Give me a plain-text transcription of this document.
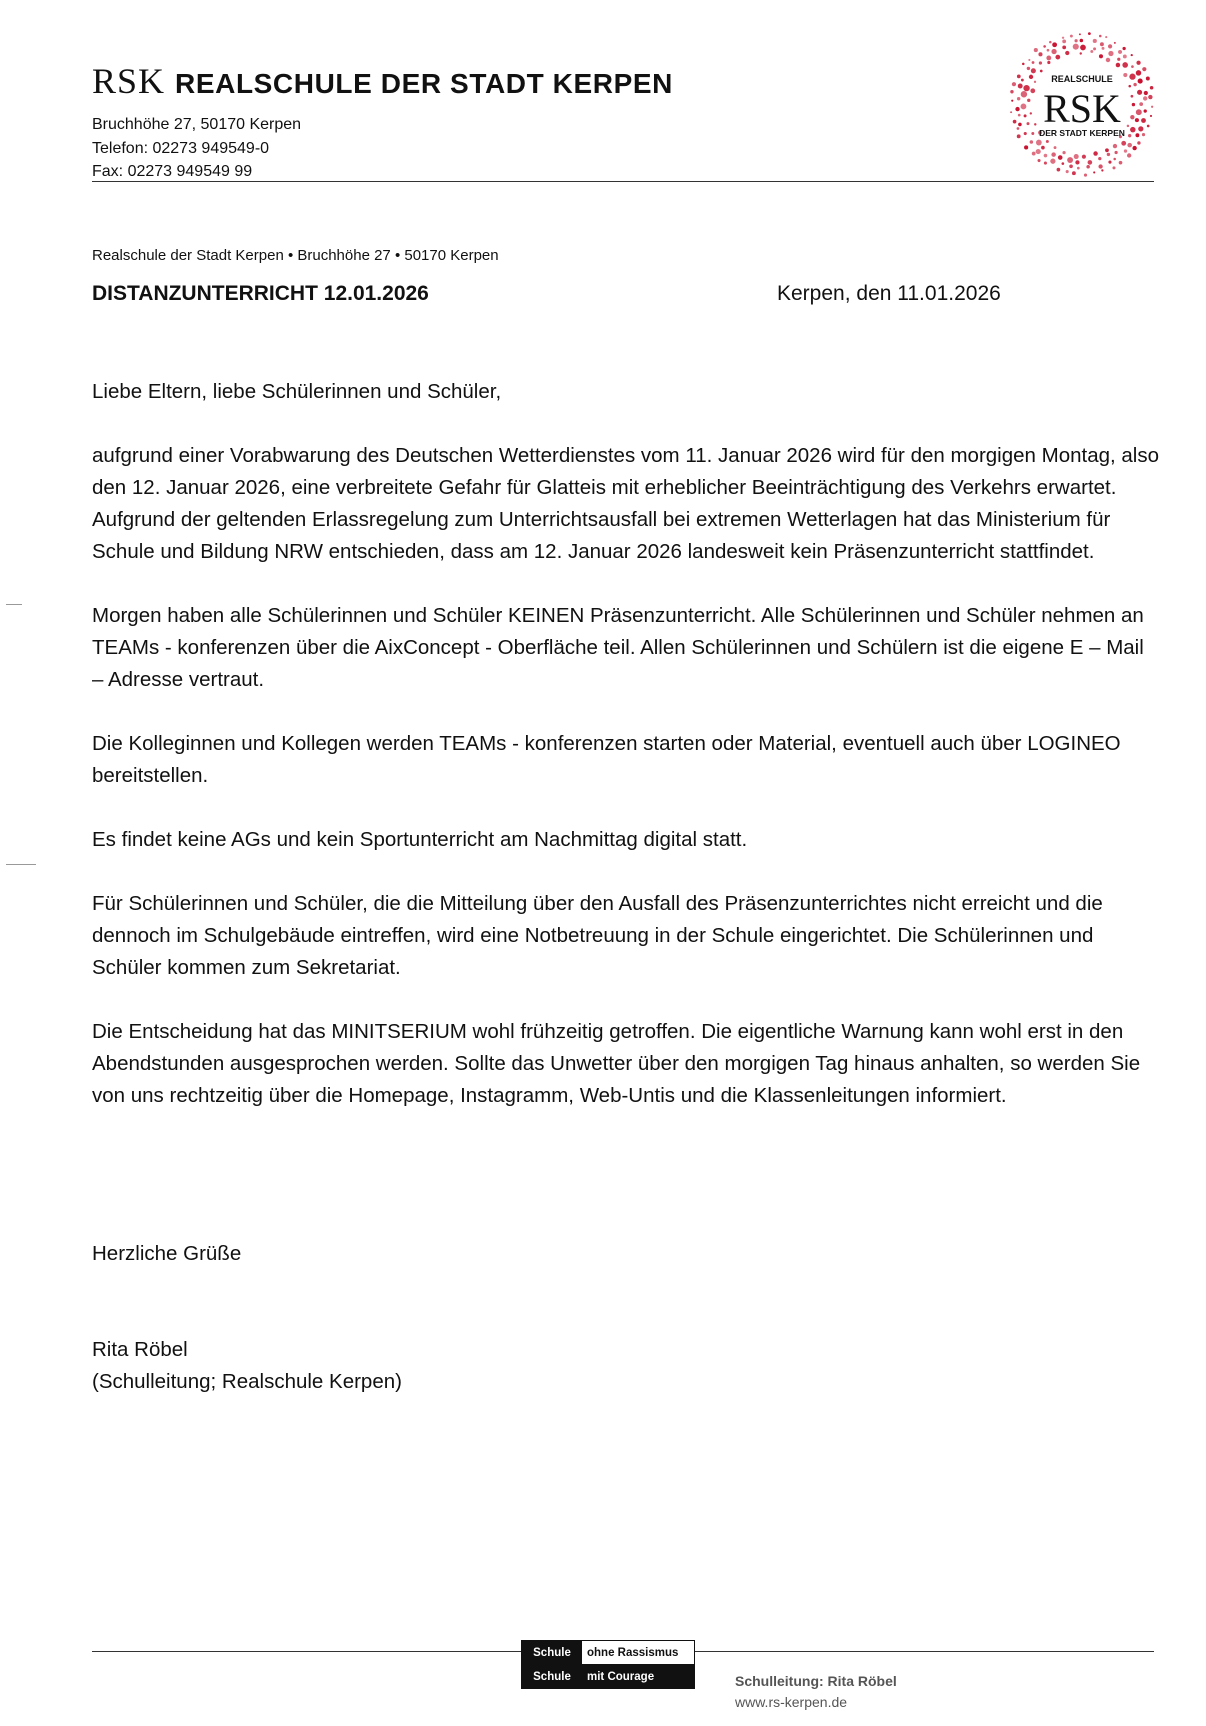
RSK REALSCHULE DER STADT KERPEN
Bruchhöhe 27, 50170 Kerpen
Telefon: 02273 949549-0
Fax: 02273 949549 99
REALSCHULE
RSK
DER STADT KERPEN
Realschule der Stadt Kerpen • Bruchhöhe 27 • 50170 Kerpen
DISTANZUNTERRICHT 12.01.2026	Kerpen, den 11.01.2026

Liebe Eltern, liebe Schülerinnen und Schüler,

aufgrund einer Vorabwarung des Deutschen Wetterdienstes vom 11. Januar 2026 wird für den morgigen Montag, also den 12. Januar 2026, eine verbreitete Gefahr für Glatteis mit erheblicher Beeinträchtigung des Verkehrs erwartet. Aufgrund der geltenden Erlassregelung zum Unterrichtsausfall bei extremen Wetterlagen hat das Ministerium für Schule und Bildung NRW entschieden, dass am 12. Januar 2026 landesweit kein Präsenzunterricht stattfindet.

Morgen haben alle Schülerinnen und Schüler KEINEN Präsenzunterricht. Alle Schülerinnen und Schüler nehmen an TEAMs - konferenzen über die AixConcept - Oberfläche teil. Allen Schülerinnen und Schülern ist die eigene E – Mail – Adresse vertraut.

Die Kolleginnen und Kollegen werden TEAMs - konferenzen starten oder Material, eventuell auch über LOGINEO bereitstellen.

Es findet keine AGs und kein Sportunterricht am Nachmittag digital statt.

Für Schülerinnen und Schüler, die die Mitteilung über den Ausfall des Präsenzunterrichtes nicht erreicht und die dennoch im Schulgebäude eintreffen, wird eine Notbetreuung in der Schule eingerichtet. Die Schülerinnen und Schüler kommen zum Sekretariat.

Die Entscheidung hat das MINITSERIUM wohl frühzeitig getroffen. Die eigentliche Warnung kann wohl erst in den Abendstunden ausgesprochen werden. Sollte das Unwetter über den morgigen Tag hinaus anhalten, so werden Sie von uns rechtzeitig über die Homepage, Instagramm, Web-Untis und die Klassenleitungen informiert.

Herzliche Grüße
Rita Röbel
(Schulleitung; Realschule Kerpen)
Schule	ohne Rassismus
Schule	mit Courage	Schulleitung: Rita Röbel
www.rs-kerpen.de
